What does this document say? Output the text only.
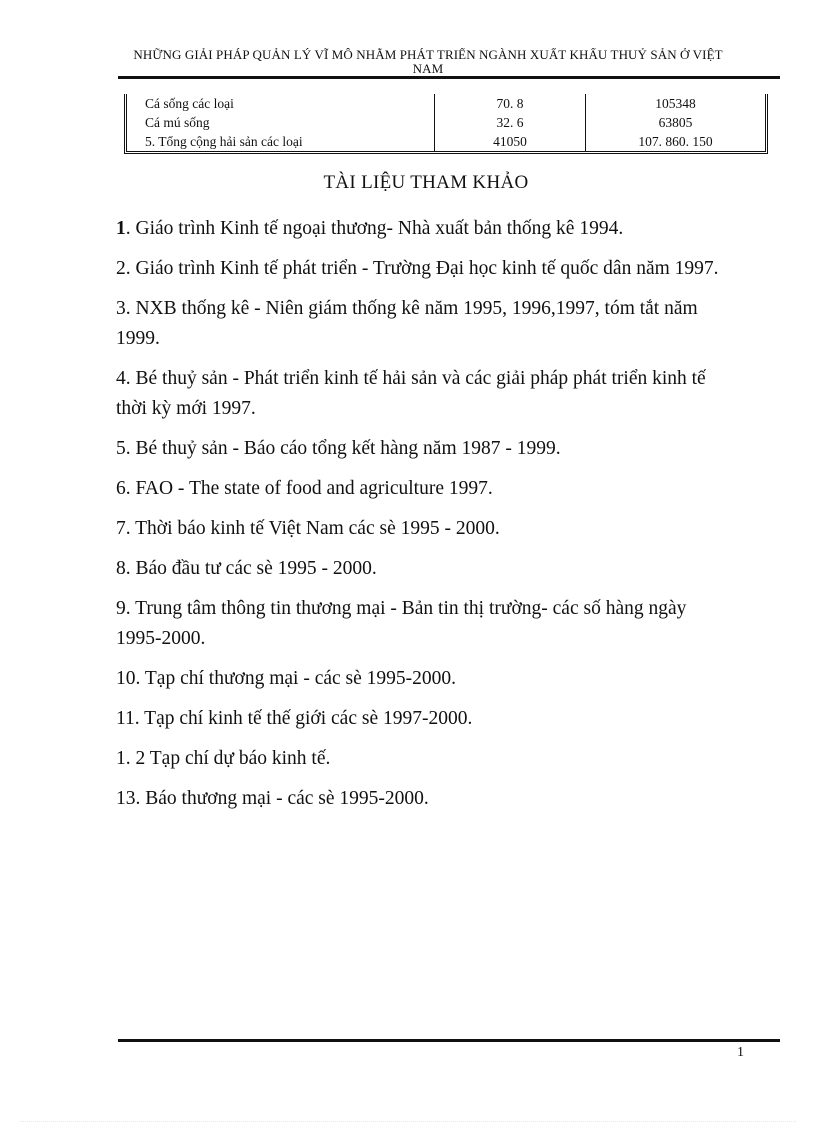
NHỮNG GIẢI PHÁP QUẢN LÝ VĨ MÔ NHẰM PHÁT TRIỂN NGÀNH XUẤT KHẨU THUỶ SẢN Ở VIỆT NAM
Cá sống các loại	70. 8	105348
Cá mú sống	32. 6	63805
5. Tổng cộng hải sản các loại	41050	107. 860. 150
TÀI LIỆU THAM KHẢO
1. Giáo trình Kinh tế ngoại thương- Nhà xuất bản thống kê 1994.
2. Giáo trình Kinh tế phát triển - Trường Đại học kinh tế quốc dân năm 1997.
3. NXB thống kê - Niên giám thống kê năm 1995, 1996,1997, tóm tắt năm 1999.
4. Bé thuỷ sản - Phát triển kinh tế hải sản và các giải pháp phát triển kinh tế thời kỳ mới 1997.
5. Bé thuỷ sản - Báo cáo tổng kết hàng năm 1987 - 1999.
6. FAO - The state of food and agriculture 1997.
7. Thời báo kinh tế Việt Nam các sè 1995 - 2000.
8. Báo đầu tư các sè 1995 - 2000.
9. Trung tâm thông tin thương mại - Bản tin thị trường- các số hàng ngày 1995-2000.
10. Tạp chí thương mại - các sè 1995-2000.
11. Tạp chí kinh tế thế giới các sè 1997-2000.
1. 2 Tạp chí dự báo kinh tế.
13. Báo thương mại - các sè 1995-2000.
1
